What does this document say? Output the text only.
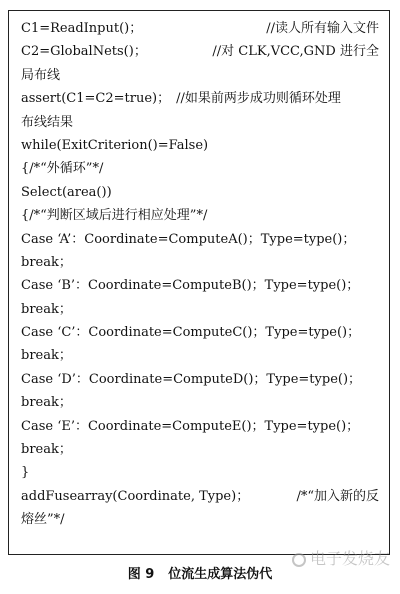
C1=ReadInput()；	//读人所有输入文件
C2=GlobalNets()；	//对 CLK,VCC,GND 进行全
局布线
assert(C1=C2=true)； //如果前两步成功则循环处理
布线结果
while(ExitCriterion()=False)
{/*“外循环”*/
Select(area())
{/*“判断区域后进行相应处理”*/
Case ‘A’：Coordinate=ComputeA()；Type=type()；
break；
Case ‘B’：Coordinate=ComputeB()；Type=type()；
break；
Case ‘C’：Coordinate=ComputeC()；Type=type()；
break；
Case ‘D’：Coordinate=ComputeD()；Type=type()；
break；
Case ‘E’：Coordinate=ComputeE()；Type=type()；
break；
}
addFusearray(Coordinate, Type)；	/*“加入新的反
熔丝”*/
图 9 位流生成算法伪代
电子发烧友
